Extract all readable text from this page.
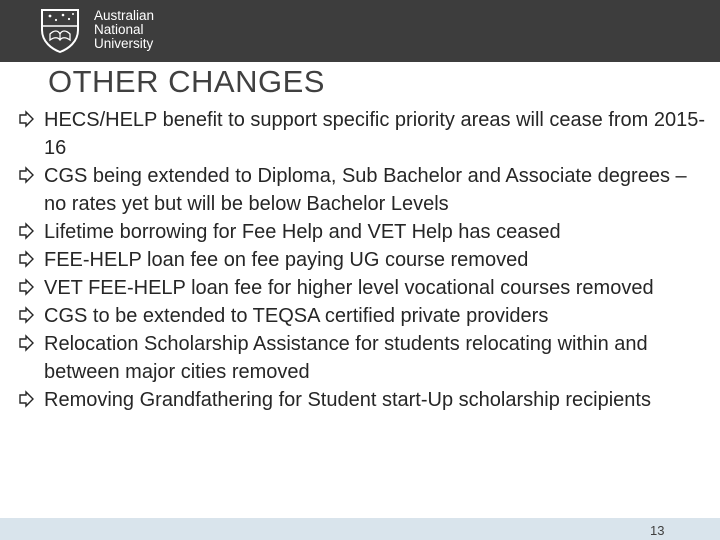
Australian
National
University
OTHER CHANGES
HECS/HELP benefit to support specific priority areas will cease from 2015-16
CGS being extended to Diploma, Sub Bachelor and Associate degrees – no rates yet but will be below Bachelor Levels
Lifetime borrowing for Fee Help and VET Help has ceased
FEE-HELP loan fee on fee paying UG course removed
VET FEE-HELP loan fee for higher level vocational courses removed
CGS to be extended to TEQSA certified private providers
Relocation Scholarship Assistance for students relocating within and between major cities removed
Removing Grandfathering for Student start-Up scholarship recipients
13
